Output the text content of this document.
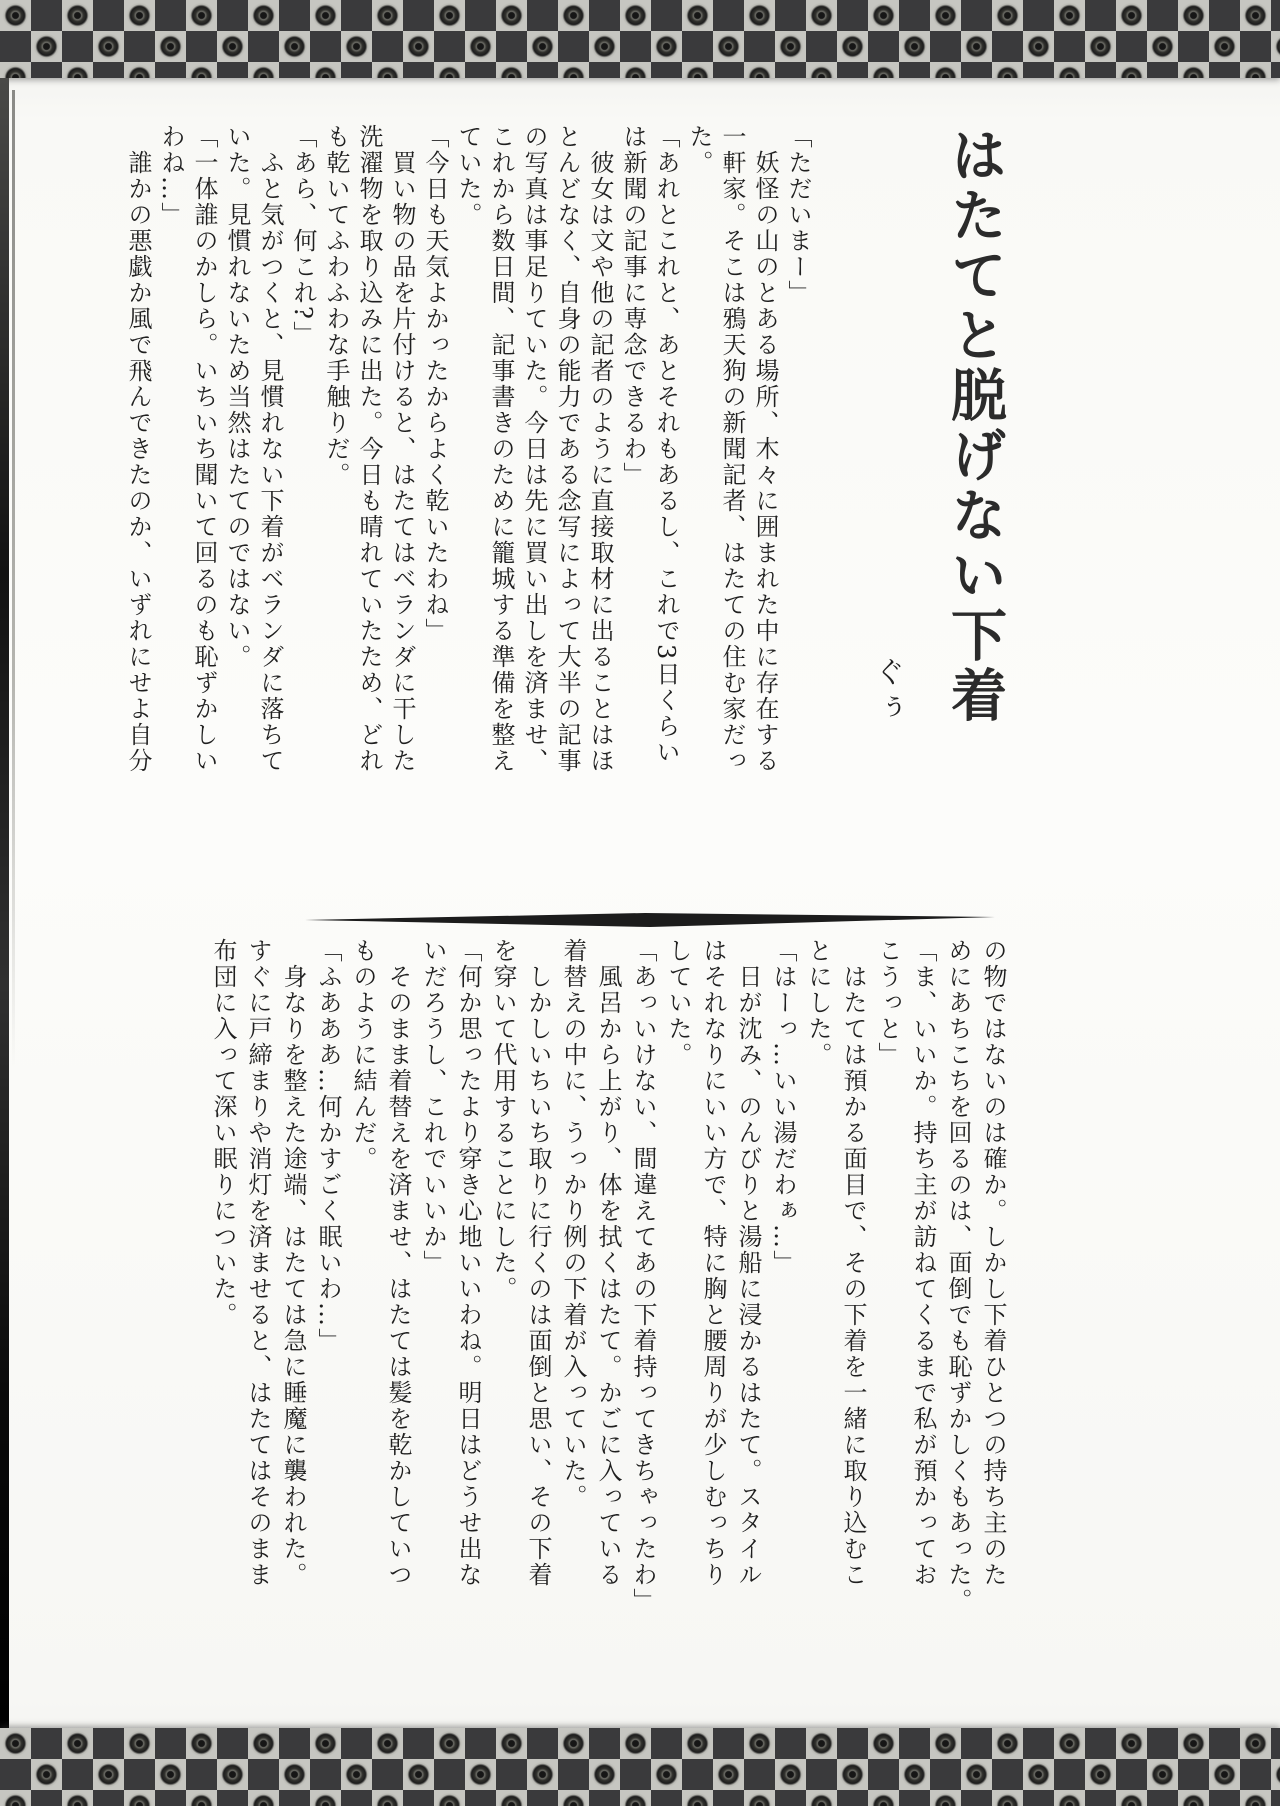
はたてと脱げない下着
ぐぅ
「ただいまー」
　妖怪の山のとある場所、木々に囲まれた中に存在する
一軒家。そこは鴉天狗の新聞記者、はたての住む家だっ
た。
「あれとこれと、あとそれもあるし、これで3日くらい
は新聞の記事に専念できるわ」
　彼女は文や他の記者のように直接取材に出ることはほ
とんどなく、自身の能力である念写によって大半の記事
の写真は事足りていた。今日は先に買い出しを済ませ、
これから数日間、記事書きのために籠城する準備を整え
ていた。
「今日も天気よかったからよく乾いたわね」
　買い物の品を片付けると、はたてはベランダに干した
洗濯物を取り込みに出た。今日も晴れていたため、どれ
も乾いてふわふわな手触りだ。
「あら、何これ?」
　ふと気がつくと、見慣れない下着がベランダに落ちて
いた。見慣れないため当然はたてのではない。
「一体誰のかしら。いちいち聞いて回るのも恥ずかしい
わね…」
　誰かの悪戯か風で飛んできたのか、いずれにせよ自分
の物ではないのは確か。しかし下着ひとつの持ち主のた
めにあちこちを回るのは、面倒でも恥ずかしくもあった。
「ま、いいか。持ち主が訪ねてくるまで私が預かってお
こうっと」
　はたては預かる面目で、その下着を一緒に取り込むこ
とにした。
「はーっ…いい湯だわぁ…」
　日が沈み、のんびりと湯船に浸かるはたて。スタイル
はそれなりにいい方で、特に胸と腰周りが少しむっちり
していた。
「あっいけない、間違えてあの下着持ってきちゃったわ」
　風呂から上がり、体を拭くはたて。かごに入っている
着替えの中に、うっかり例の下着が入っていた。
　しかしいちいち取りに行くのは面倒と思い、その下着
を穿いて代用することにした。
「何か思ったより穿き心地いいわね。明日はどうせ出な
いだろうし、これでいいか」
　そのまま着替えを済ませ、はたては髪を乾かしていつ
ものように結んだ。
「ふあああ…何かすごく眠いわ…」
　身なりを整えた途端、はたては急に睡魔に襲われた。
すぐに戸締まりや消灯を済ませると、はたてはそのまま
布団に入って深い眠りについた。
